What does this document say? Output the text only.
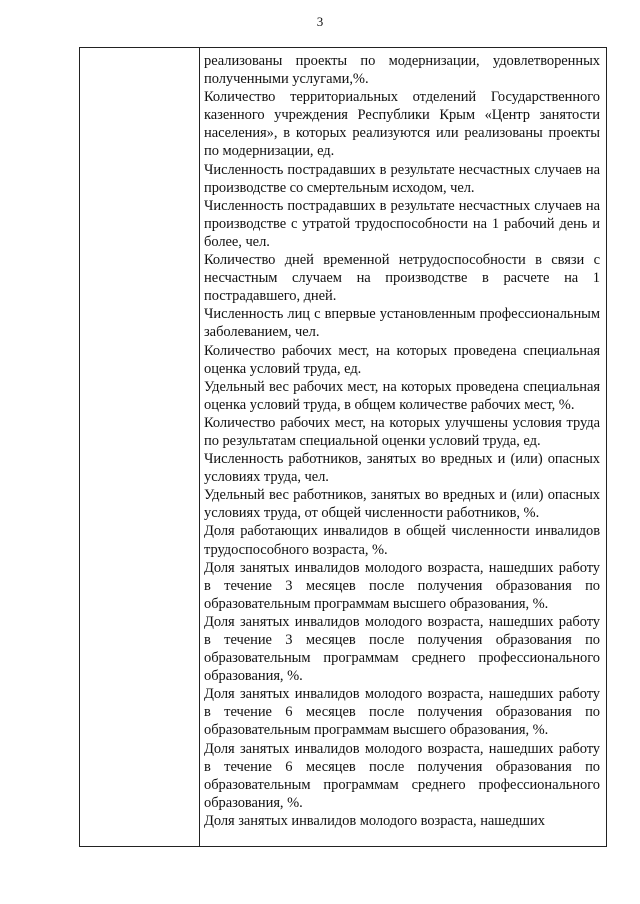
3

реализованы проекты по модернизации, удовлетворенных полученными услугами,%.

Количество территориальных отделений Государственного казенного учреждения Республики Крым «Центр занятости населения», в которых реализуются или реализованы проекты по модернизации, ед.

Численность пострадавших в результате несчастных случаев на производстве со смертельным исходом, чел.

Численность пострадавших в результате несчастных случаев на производстве с утратой трудоспособности на 1 рабочий день и более, чел.

Количество дней временной нетрудоспособности в связи с несчастным случаем на производстве в расчете на 1 пострадавшего, дней.

Численность лиц с впервые установленным профессиональным заболеванием, чел.

Количество рабочих мест, на которых проведена специальная оценка условий труда, ед.

Удельный вес рабочих мест, на которых проведена специальная оценка условий труда, в общем количестве рабочих мест, %.

Количество рабочих мест, на которых улучшены условия труда по результатам специальной оценки условий труда, ед.

Численность работников, занятых во вредных и (или) опасных условиях труда, чел.

Удельный вес работников, занятых во вредных и (или) опасных условиях труда, от общей численности работников, %.

Доля работающих инвалидов в общей численности инвалидов трудоспособного возраста, %.

Доля занятых инвалидов молодого возраста, нашедших работу в течение 3 месяцев после получения образования по образовательным программам высшего образования, %.

Доля занятых инвалидов молодого возраста, нашедших работу в течение 3 месяцев после получения образования по образовательным программам среднего профессионального образования, %.

Доля занятых инвалидов молодого возраста, нашедших работу в течение 6 месяцев после получения образования по образовательным программам высшего образования, %.

Доля занятых инвалидов молодого возраста, нашедших работу в течение 6 месяцев после получения образования по образовательным программам среднего профессионального образования, %.

Доля занятых инвалидов молодого возраста, нашедших
